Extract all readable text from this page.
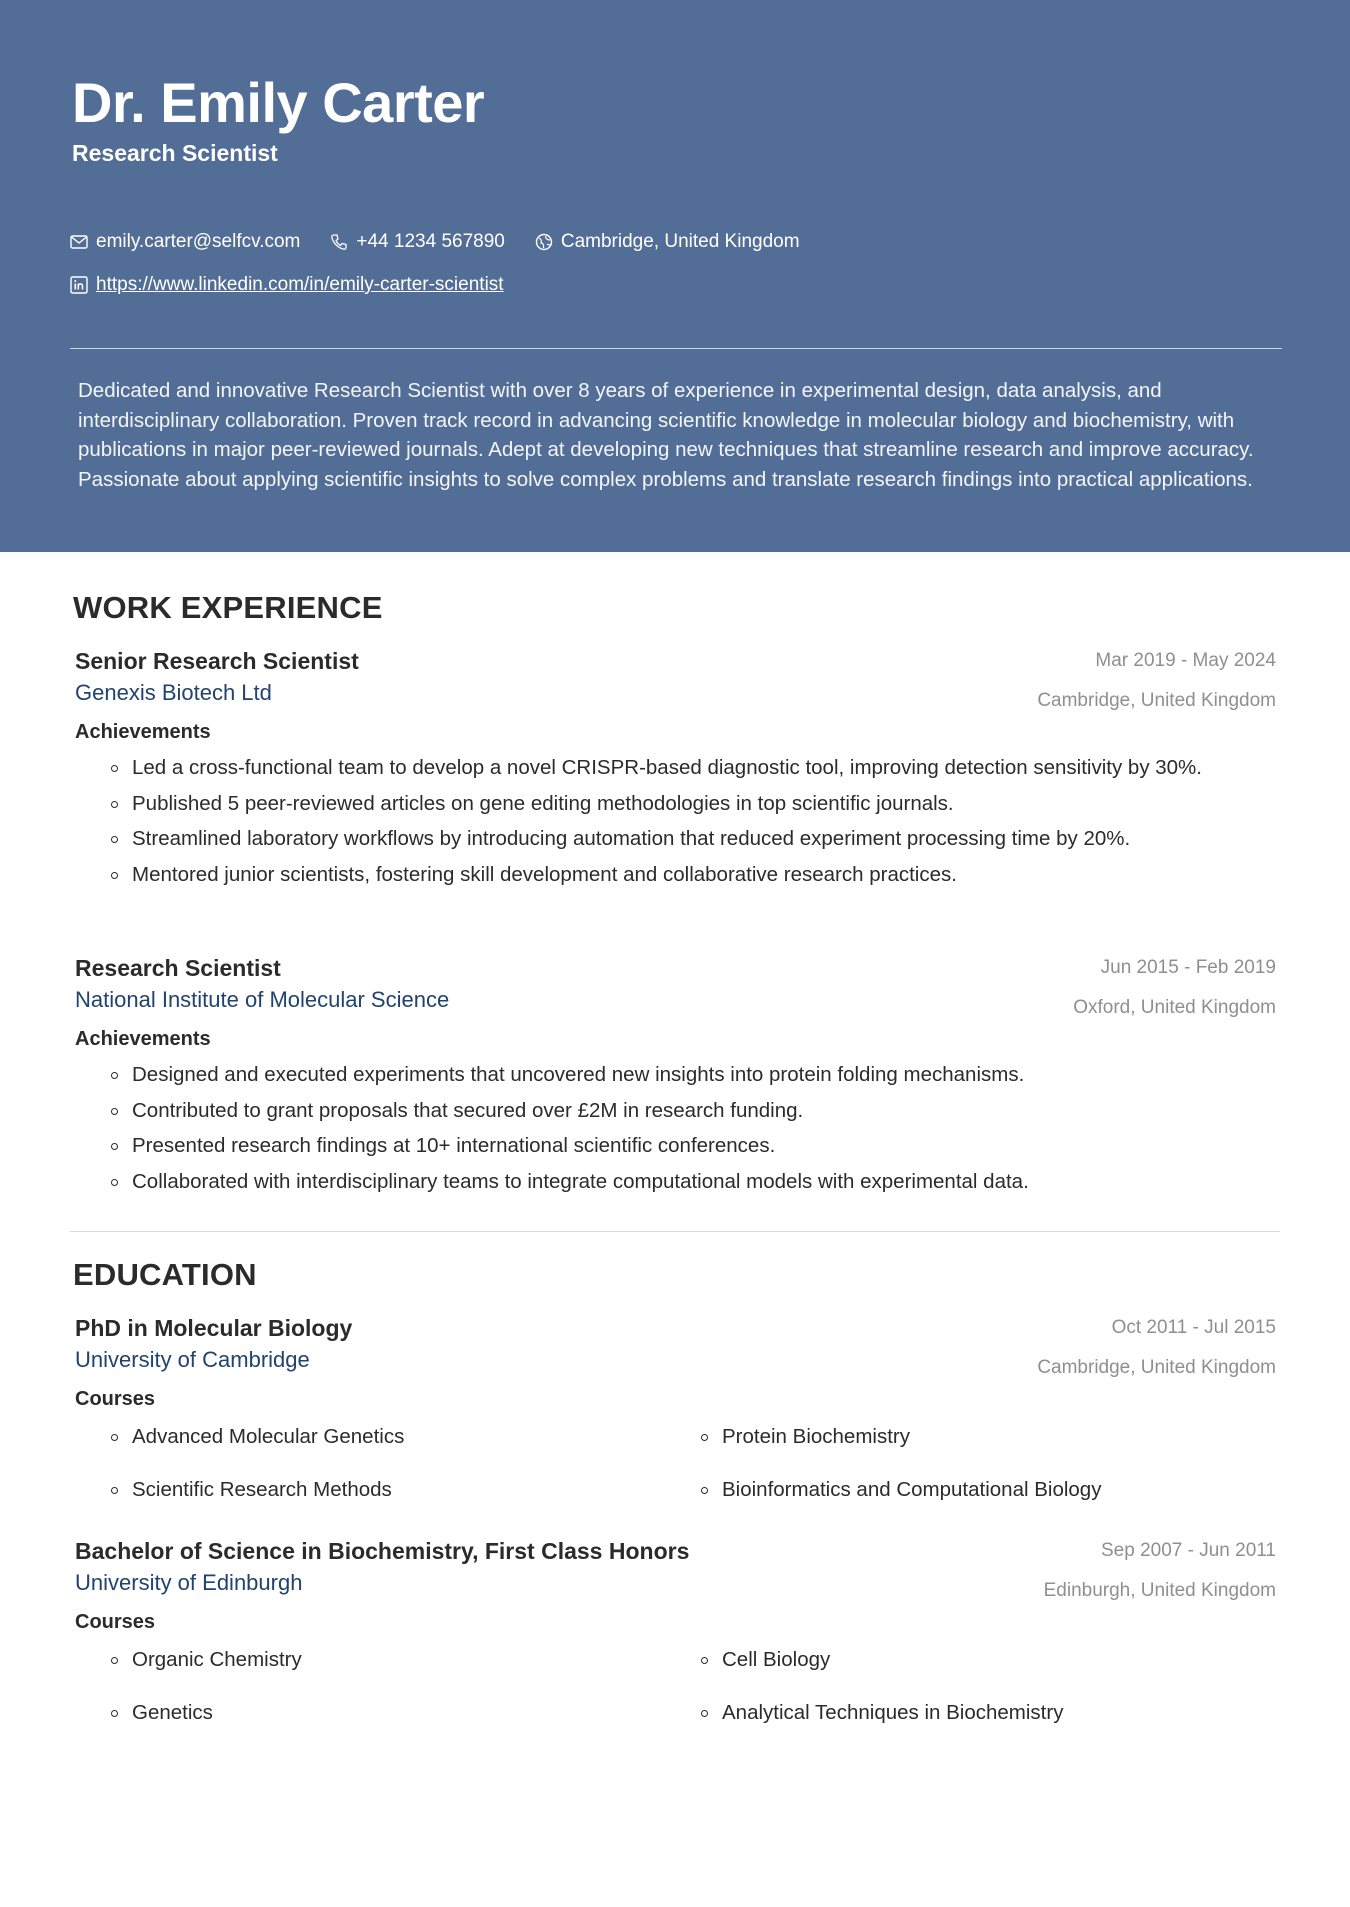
Dr. Emily Carter
Research Scientist
emily.carter@selfcv.com	+44 1234 567890	Cambridge, United Kingdom
https://www.linkedin.com/in/emily-carter-scientist
Dedicated and innovative Research Scientist with over 8 years of experience in experimental design, data analysis, and interdisciplinary collaboration. Proven track record in advancing scientific knowledge in molecular biology and biochemistry, with publications in major peer-reviewed journals. Adept at developing new techniques that streamline research and improve accuracy. Passionate about applying scientific insights to solve complex problems and translate research findings into practical applications.
WORK EXPERIENCE
Senior Research Scientist
Genexis Biotech Ltd
Mar 2019 - May 2024
Cambridge, United Kingdom
Achievements
Led a cross-functional team to develop a novel CRISPR-based diagnostic tool, improving detection sensitivity by 30%.
Published 5 peer-reviewed articles on gene editing methodologies in top scientific journals.
Streamlined laboratory workflows by introducing automation that reduced experiment processing time by 20%.
Mentored junior scientists, fostering skill development and collaborative research practices.
Research Scientist
National Institute of Molecular Science
Jun 2015 - Feb 2019
Oxford, United Kingdom
Achievements
Designed and executed experiments that uncovered new insights into protein folding mechanisms.
Contributed to grant proposals that secured over £2M in research funding.
Presented research findings at 10+ international scientific conferences.
Collaborated with interdisciplinary teams to integrate computational models with experimental data.
EDUCATION
PhD in Molecular Biology
University of Cambridge
Oct 2011 - Jul 2015
Cambridge, United Kingdom
Courses
Advanced Molecular Genetics	Protein Biochemistry
Scientific Research Methods	Bioinformatics and Computational Biology
Bachelor of Science in Biochemistry, First Class Honors
University of Edinburgh
Sep 2007 - Jun 2011
Edinburgh, United Kingdom
Courses
Organic Chemistry	Cell Biology
Genetics	Analytical Techniques in Biochemistry
